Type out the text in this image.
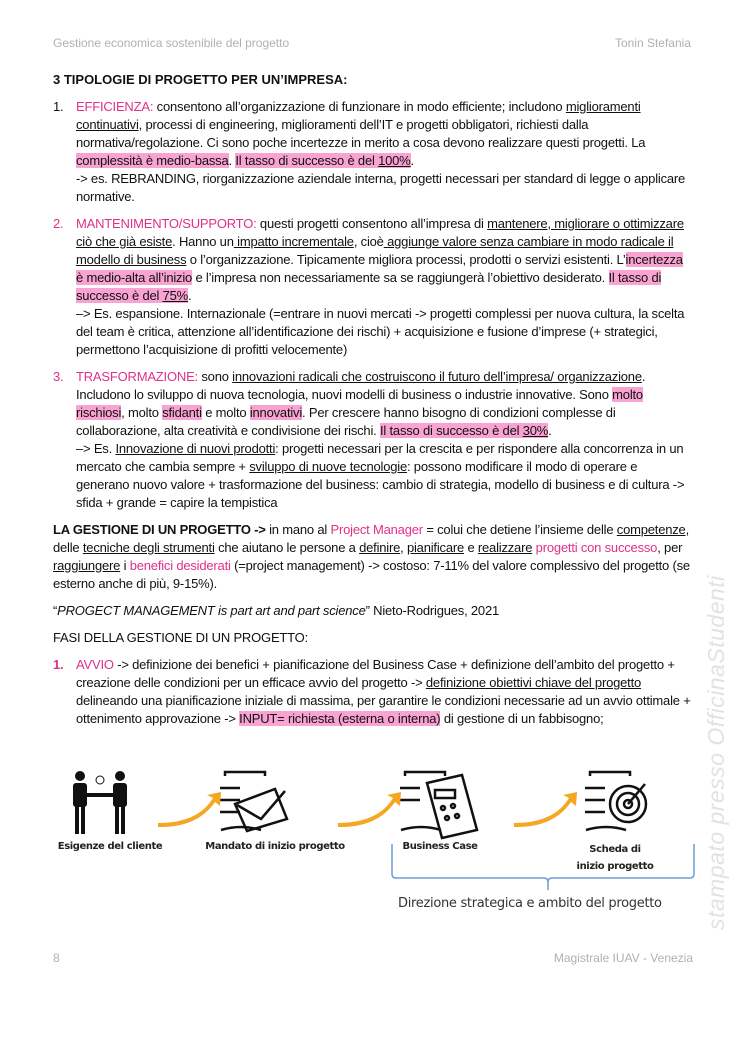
Gestione economica sostenibile del progetto	Tonin Stefania
stampato presso OfficinaStudenti
3 TIPOLOGIE DI PROGETTO PER UN’IMPRESA:
1. EFFICIENZA: consentono all’organizzazione di funzionare in modo efficiente; includono miglioramenti continuativi, processi di engineering, miglioramenti dell’IT e progetti obbligatori, richiesti dalla normativa/regolazione. Ci sono poche incertezze in merito a cosa devono realizzare questi progetti. La complessità è medio-bassa. Il tasso di successo è del 100%.
-> es. REBRANDING, riorganizzazione aziendale interna, progetti necessari per standard di legge o applicare normative.
2. MANTENIMENTO/SUPPORTO: questi progetti consentono all’impresa di mantenere, migliorare o ottimizzare ciò che già esiste. Hanno un impatto incrementale, cioè aggiunge valore senza cambiare in modo radicale il modello di business o l’organizzazione. Tipicamente migliora processi, prodotti o servizi esistenti. L’incertezza è medio-alta all’inizio e l’impresa non necessariamente sa se raggiungerà l’obiettivo desiderato. Il tasso di successo è del 75%.
–> Es. espansione. Internazionale (=entrare in nuovi mercati -> progetti complessi per nuova cultura, la scelta del team è critica, attenzione all’identificazione dei rischi) + acquisizione e fusione d’imprese (+ strategici, permettono l’acquisizione di profitti velocemente)
3. TRASFORMAZIONE: sono innovazioni radicali che costruiscono il futuro dell’impresa/ organizzazione. Includono lo sviluppo di nuova tecnologia, nuovi modelli di business o industrie innovative. Sono molto rischiosi, molto sfidanti e molto innovativi. Per crescere hanno bisogno di condizioni complesse di collaborazione, alta creatività e condivisione dei rischi. Il tasso di successo è del 30%.
–> Es. Innovazione di nuovi prodotti: progetti necessari per la crescita e per rispondere alla concorrenza in un mercato che cambia sempre + sviluppo di nuove tecnologie: possono modificare il modo di operare e generano nuovo valore + trasformazione del business: cambio di strategia, modello di business e di cultura -> sfida + grande = capire la tempistica
LA GESTIONE DI UN PROGETTO -> in mano al Project Manager = colui che detiene l’insieme delle competenze, delle tecniche degli strumenti che aiutano le persone a definire, pianificare e realizzare progetti con successo, per raggiungere i benefici desiderati (=project management) -> costoso: 7-11% del valore complessivo del progetto (se esterno anche di più, 9-15%).
“PROGECT MANAGEMENT is part art and part science” Nieto-Rodrigues, 2021
FASI DELLA GESTIONE DI UN PROGETTO:
1. AVVIO -> definizione dei benefici + pianificazione del Business Case + definizione dell’ambito del progetto + creazione delle condizioni per un efficace avvio del progetto -> definizione obiettivi chiave del progetto delineando una pianificazione iniziale di massima, per garantire le condizioni necessarie ad un avvio ottimale + ottenimento approvazione -> INPUT= richiesta (esterna o interna) di gestione di un fabbisogno;
Esigenze del cliente	Mandato di inizio progetto	Business Case	Scheda di inizio progetto
Direzione strategica e ambito del progetto
8	Magistrale IUAV - Venezia
